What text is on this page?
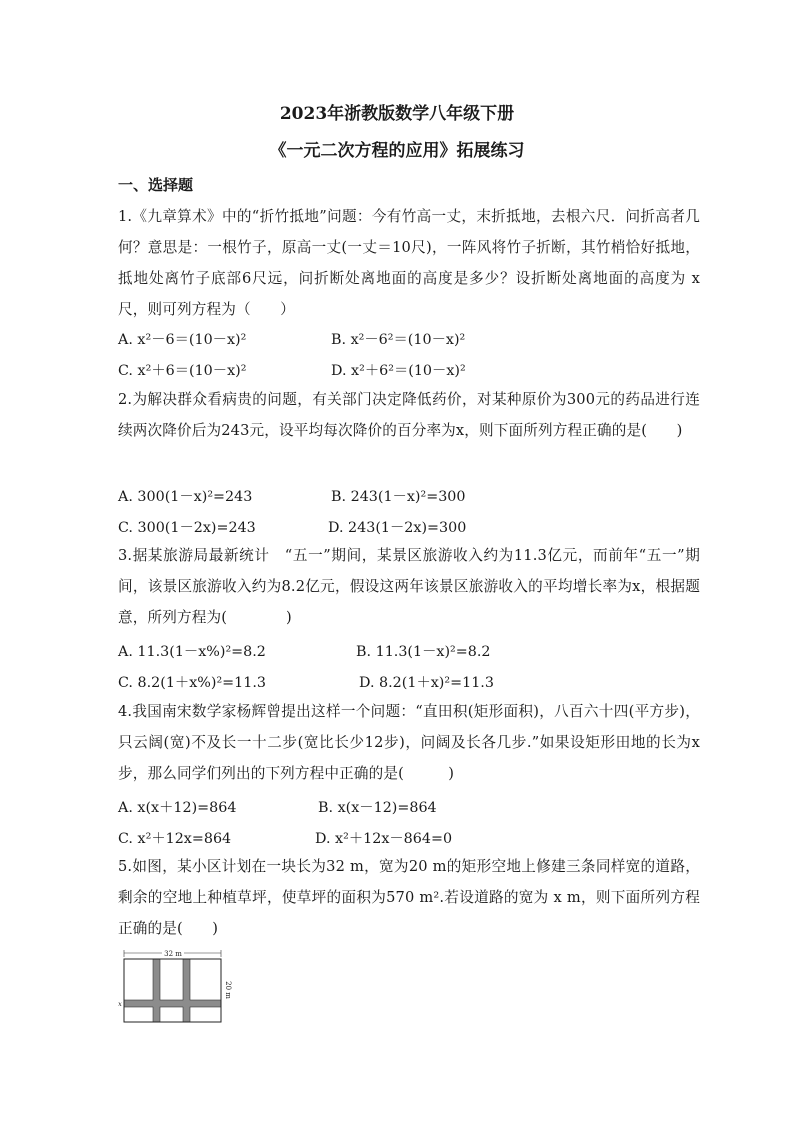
2023年浙教版数学八年级下册
《一元二次方程的应用》拓展练习
一、选择题
1.《九章算术》中的“折竹抵地”问题：今有竹高一丈，末折抵地，去根六尺．问折高者几何？意思是：一根竹子，原高一丈(一丈＝10尺)，一阵风将竹子折断，其竹梢恰好抵地，抵地处离竹子底部6尺远，问折断处离地面的高度是多少？设折断处离地面的高度为 x 尺，则可列方程为（　　）
A. x²－6＝(10－x)²	B. x²－6²＝(10－x)²
C. x²＋6＝(10－x)²	D. x²＋6²＝(10－x)²
2.为解决群众看病贵的问题，有关部门决定降低药价，对某种原价为300元的药品进行连续两次降价后为243元，设平均每次降价的百分率为x，则下面所列方程正确的是(　　)
A. 300(1－x)²=243	B. 243(1－x)²=300
C. 300(1－2x)=243	D. 243(1－2x)=300
3.据某旅游局最新统计　“五一”期间，某景区旅游收入约为11.3亿元，而前年“五一”期间，该景区旅游收入约为8.2亿元，假设这两年该景区旅游收入的平均增长率为x，根据题意，所列方程为(　　　　)
A. 11.3(1－x%)²=8.2	B. 11.3(1－x)²=8.2
C. 8.2(1＋x%)²=11.3	D. 8.2(1＋x)²=11.3
4.我国南宋数学家杨辉曾提出这样一个问题：“直田积(矩形面积)，八百六十四(平方步)，只云阔(宽)不及长一十二步(宽比长少12步)，问阔及长各几步.”如果设矩形田地的长为x步，那么同学们列出的下列方程中正确的是(　　　)
A. x(x＋12)=864	B. x(x－12)=864
C. x²＋12x=864	D. x²＋12x－864=0
5.如图，某小区计划在一块长为32 m，宽为20 m的矩形空地上修建三条同样宽的道路，剩余的空地上种植草坪，使草坪的面积为570 m².若设道路的宽为 x m，则下面所列方程正确的是(　　)
32 m
20 m
x
